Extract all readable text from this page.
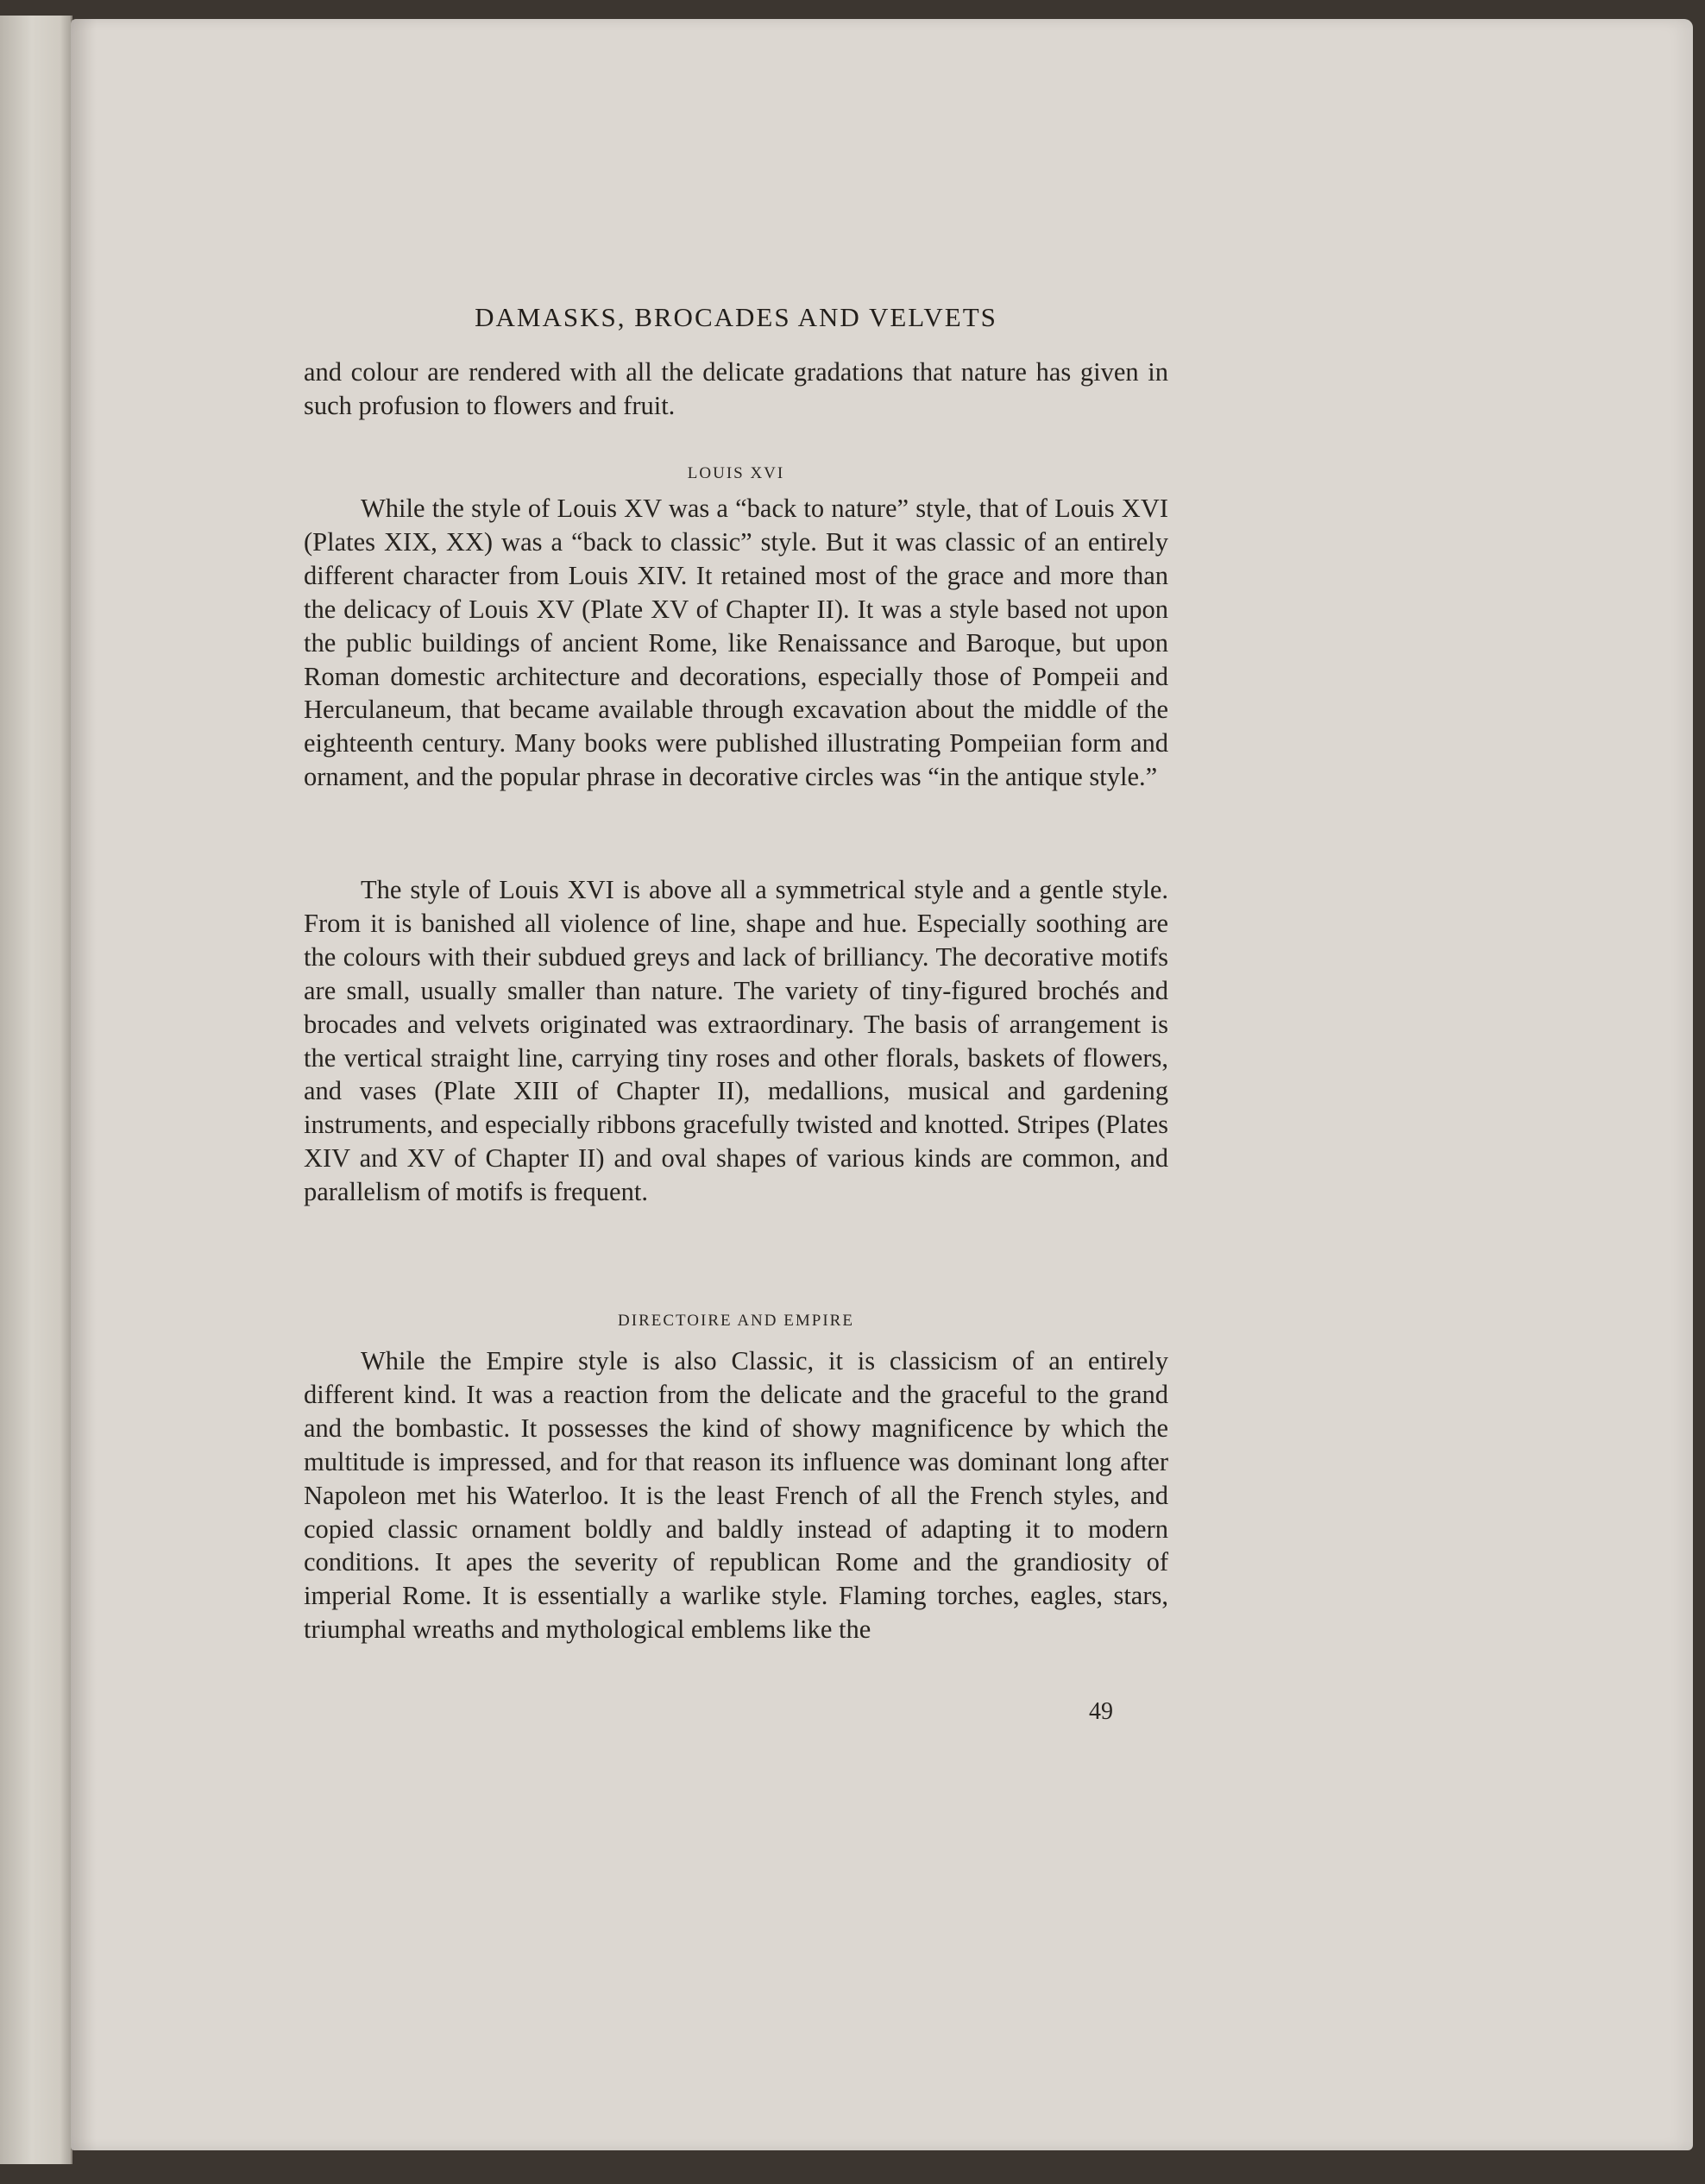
DAMASKS, BROCADES AND VELVETS

and colour are rendered with all the delicate gradations that nature has given in such profusion to flowers and fruit.

LOUIS XVI

While the style of Louis XV was a “back to nature” style, that of Louis XVI (Plates XIX, XX) was a “back to classic” style. But it was classic of an entirely different character from Louis XIV. It retained most of the grace and more than the delicacy of Louis XV (Plate XV of Chapter II). It was a style based not upon the public buildings of ancient Rome, like Renaissance and Baroque, but upon Roman domestic architecture and decorations, especially those of Pompeii and Herculaneum, that became available through excavation about the middle of the eighteenth century. Many books were published illustrating Pompeiian form and ornament, and the popular phrase in decorative circles was “in the antique style.”

The style of Louis XVI is above all a symmetrical style and a gentle style. From it is banished all violence of line, shape and hue. Especially soothing are the colours with their subdued greys and lack of brilliancy. The decorative motifs are small, usually smaller than nature. The variety of tiny-figured brochés and brocades and velvets originated was extraordinary. The basis of arrangement is the vertical straight line, carrying tiny roses and other florals, baskets of flowers, and vases (Plate XIII of Chapter II), medallions, musical and gardening instruments, and especially ribbons gracefully twisted and knotted. Stripes (Plates XIV and XV of Chapter II) and oval shapes of various kinds are common, and parallelism of motifs is frequent.

DIRECTOIRE AND EMPIRE

While the Empire style is also Classic, it is classicism of an entirely different kind. It was a reaction from the delicate and the graceful to the grand and the bombastic. It possesses the kind of showy magnificence by which the multitude is impressed, and for that reason its influence was dominant long after Napoleon met his Waterloo. It is the least French of all the French styles, and copied classic ornament boldly and baldly instead of adapting it to modern conditions. It apes the severity of republican Rome and the grandiosity of imperial Rome. It is essentially a warlike style. Flaming torches, eagles, stars, triumphal wreaths and mythological emblems like the

49
